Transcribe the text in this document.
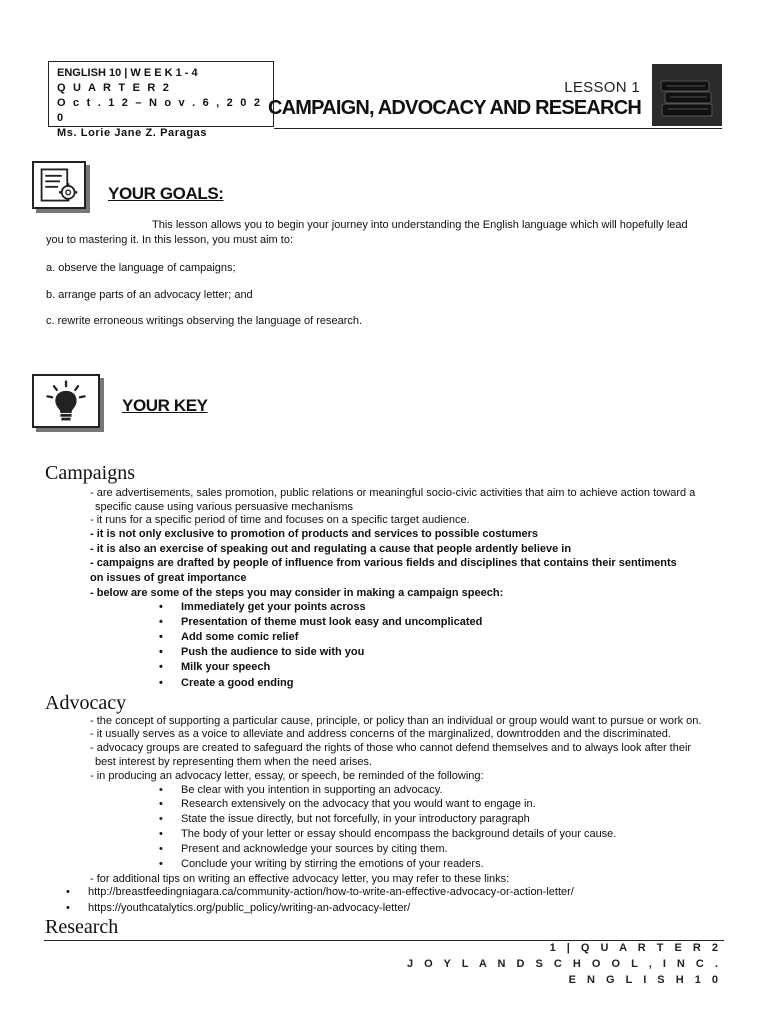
ENGLISH 10 | W E E K 1 - 4
Q U A R T E R 2
O c t . 1 2 – N o v . 6 , 2 0 2 0
Ms. Lorie Jane Z. Paragas
LESSON 1
CAMPAIGN, ADVOCACY AND RESEARCH
YOUR GOALS:
This lesson allows you to begin your journey into understanding the English language which will hopefully lead
you to mastering it. In this lesson, you must aim to:
a. observe the language of campaigns;
b. arrange parts of an advocacy letter; and
c. rewrite erroneous writings observing the language of research.
YOUR KEY
Campaigns
- are advertisements, sales promotion, public relations or meaningful socio-civic activities that aim to achieve action toward a
specific cause using various persuasive mechanisms
- it runs for a specific period of time and focuses on a specific target audience.
- it is not only exclusive to promotion of products and services to possible costumers
- it is also an exercise of speaking out and regulating a cause that people ardently believe in
- campaigns are drafted by people of influence from various fields and disciplines that contains their sentiments
on issues of great importance
- below are some of the steps you may consider in making a campaign speech:
• Immediately get your points across
• Presentation of theme must look easy and uncomplicated
• Add some comic relief
• Push the audience to side with you
• Milk your speech
• Create a good ending
Advocacy
- the concept of supporting a particular cause, principle, or policy than an individual or group would want to pursue or work on.
- it usually serves as a voice to alleviate and address concerns of the marginalized, downtrodden and the discriminated.
- advocacy groups are created to safeguard the rights of those who cannot defend themselves and to always look after their
best interest by representing them when the need arises.
- in producing an advocacy letter, essay, or speech, be reminded of the following:
• Be clear with you intention in supporting an advocacy.
• Research extensively on the advocacy that you would want to engage in.
• State the issue directly, but not forcefully, in your introductory paragraph
• The body of your letter or essay should encompass the background details of your cause.
• Present and acknowledge your sources by citing them.
• Conclude your writing by stirring the emotions of your readers.
- for additional tips on writing an effective advocacy letter, you may refer to these links:
• http://breastfeedingniagara.ca/community-action/how-to-write-an-effective-advocacy-or-action-letter/
• https://youthcatalytics.org/public_policy/writing-an-advocacy-letter/
Research
1 | Q U A R T E R 2
J O Y L A N D S C H O O L , I N C .
E N G L I S H 1 0
